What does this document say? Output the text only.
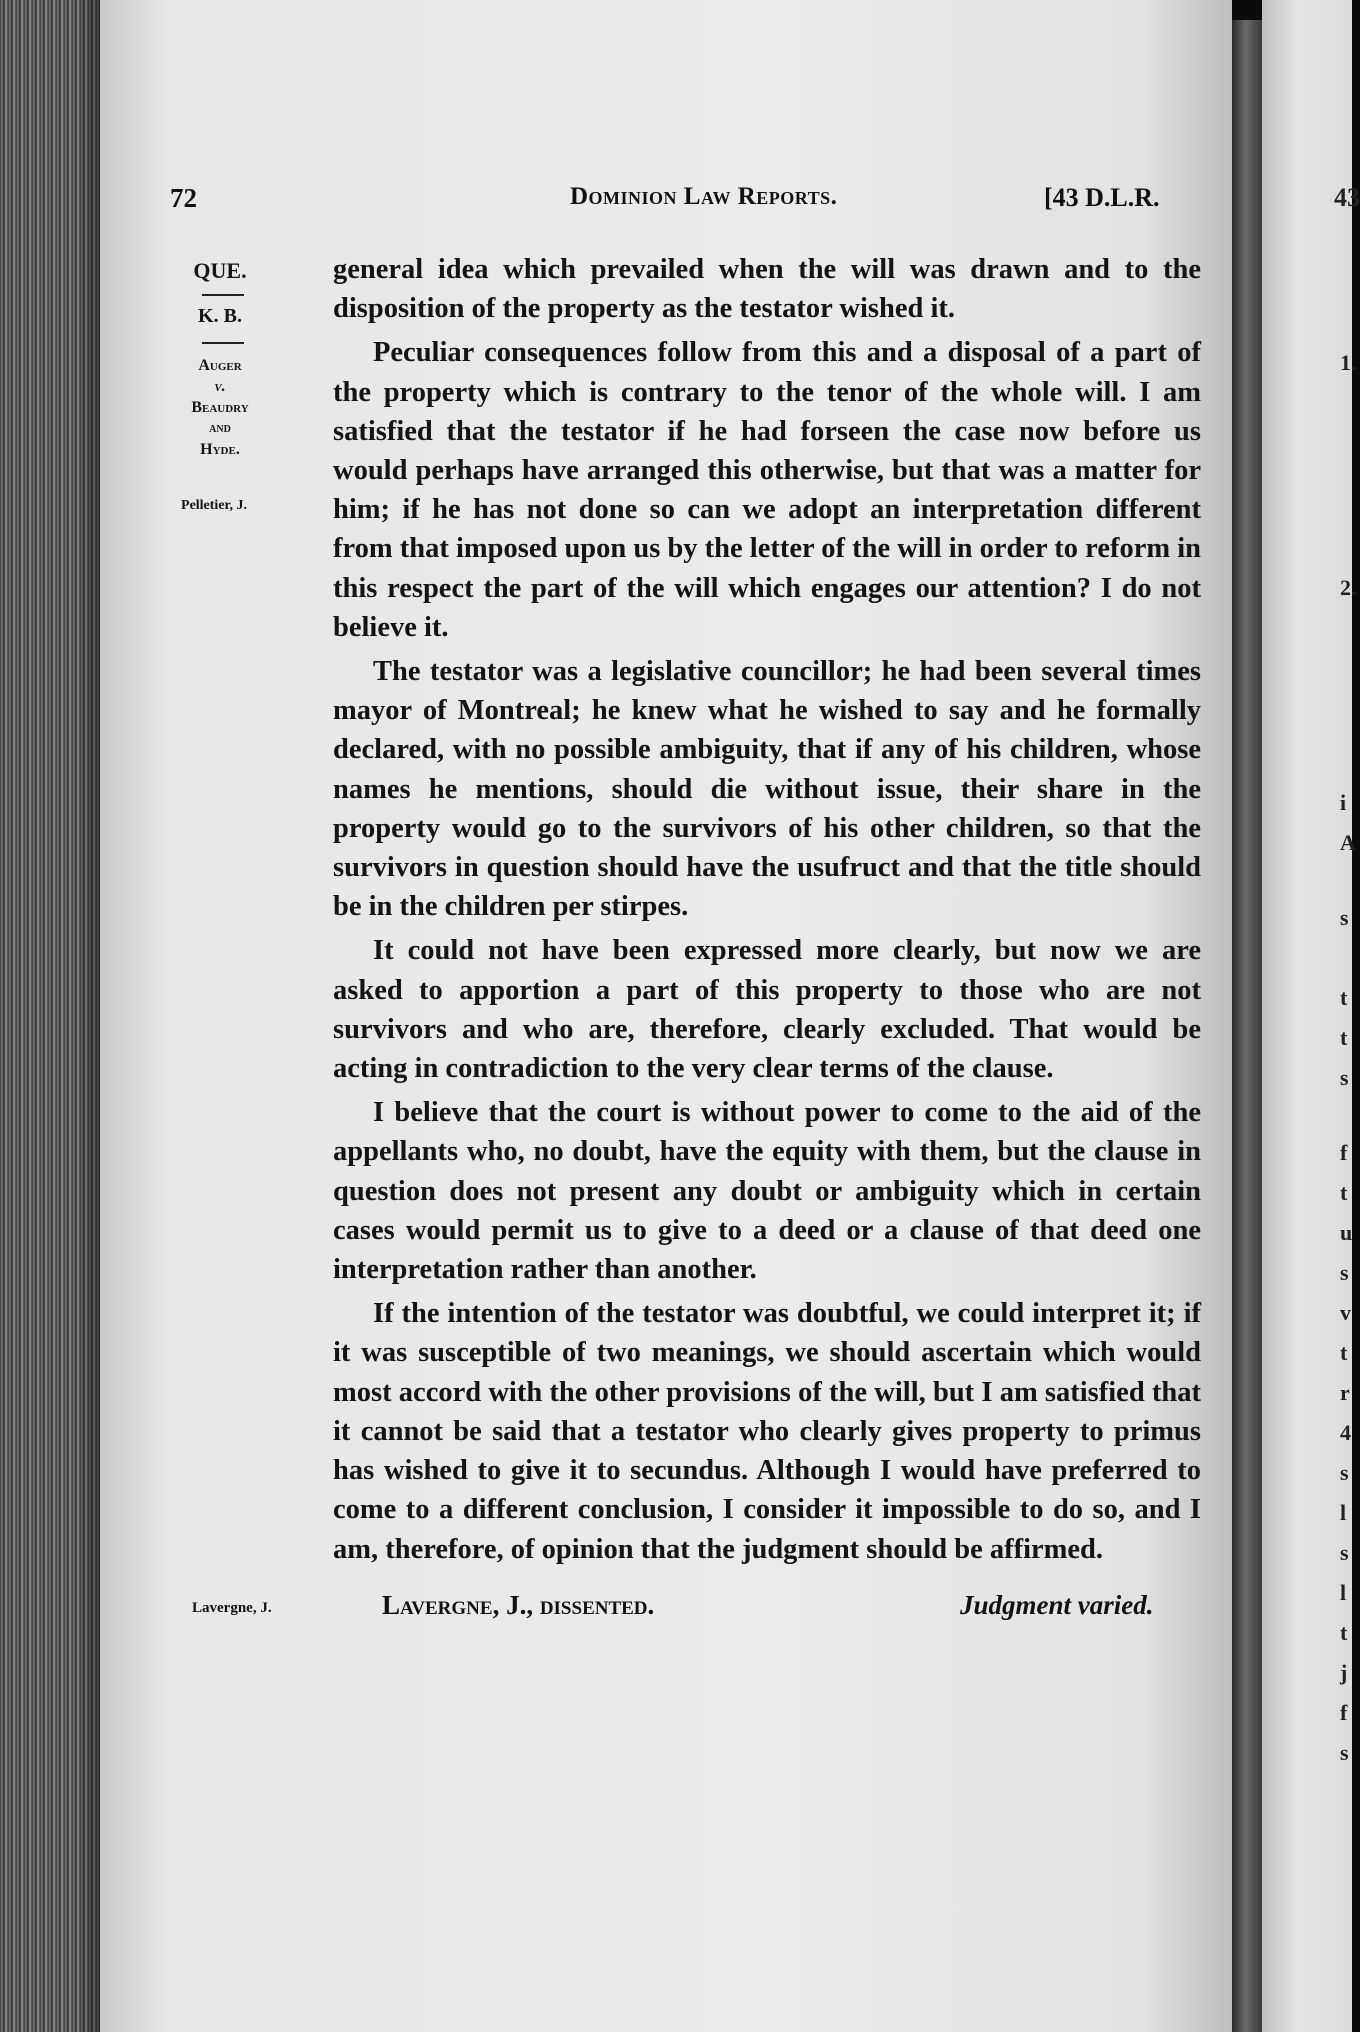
72	Dominion Law Reports.	[43 D.L.R.
QUE.
K. B.
Auger
v.
Beaudry
and
Hyde.
Pelletier, J.

general idea which prevailed when the will was drawn and to the disposition of the property as the testator wished it.

Peculiar consequences follow from this and a disposal of a part of the property which is contrary to the tenor of the whole will. I am satisfied that the testator if he had forseen the case now before us would perhaps have arranged this otherwise, but that was a matter for him; if he has not done so can we adopt an interpretation different from that imposed upon us by the letter of the will in order to reform in this respect the part of the will which engages our attention? I do not believe it.

The testator was a legislative councillor; he had been several times mayor of Montreal; he knew what he wished to say and he formally declared, with no possible ambiguity, that if any of his children, whose names he mentions, should die without issue, their share in the property would go to the survivors of his other children, so that the survivors in question should have the usufruct and that the title should be in the children per stirpes.

It could not have been expressed more clearly, but now we are asked to apportion a part of this property to those who are not survivors and who are, therefore, clearly excluded. That would be acting in contradiction to the very clear terms of the clause.

I believe that the court is without power to come to the aid of the appellants who, no doubt, have the equity with them, but the clause in question does not present any doubt or ambiguity which in certain cases would permit us to give to a deed or a clause of that deed one interpretation rather than another.

If the intention of the testator was doubtful, we could interpret it; if it was susceptible of two meanings, we should ascertain which would most accord with the other provisions of the will, but I am satisfied that it cannot be said that a testator who clearly gives property to primus has wished to give it to secundus. Although I would have preferred to come to a different conclusion, I consider it impossible to do so, and I am, therefore, of opinion that the judgment should be affirmed.

Lavergne, J.	Lavergne, J., dissented.	Judgment varied.
43
1.
2.
i
A
s
t
t
s
f
t
u
s
v
t
r
4
s
l
s
l
t
j
f
s
